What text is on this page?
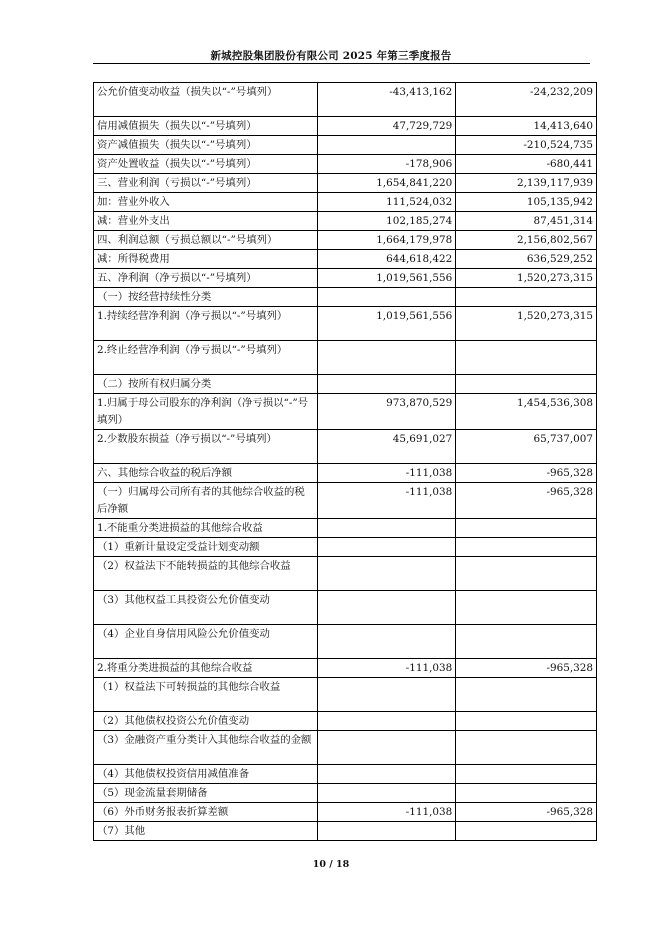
新城控股集团股份有限公司 2025 年第三季度报告
公允价值变动收益（损失以“-”号填列）	-43,413,162	-24,232,209
信用减值损失（损失以“-”号填列）	47,729,729	14,413,640
资产减值损失（损失以“-”号填列）		-210,524,735
资产处置收益（损失以“-”号填列）	-178,906	-680,441
三、营业利润（亏损以“-”号填列）	1,654,841,220	2,139,117,939
加：营业外收入	111,524,032	105,135,942
减：营业外支出	102,185,274	87,451,314
四、利润总额（亏损总额以“-”号填列）	1,664,179,978	2,156,802,567
减：所得税费用	644,618,422	636,529,252
五、净利润（净亏损以“-”号填列）	1,019,561,556	1,520,273,315
（一）按经营持续性分类		
1.持续经营净利润（净亏损以“-”号填列）	1,019,561,556	1,520,273,315
2.终止经营净利润（净亏损以“-”号填列）		
（二）按所有权归属分类		
1.归属于母公司股东的净利润（净亏损以“-”号填列）	973,870,529	1,454,536,308
2.少数股东损益（净亏损以“-”号填列）	45,691,027	65,737,007
六、其他综合收益的税后净额	-111,038	-965,328
（一）归属母公司所有者的其他综合收益的税后净额	-111,038	-965,328
1.不能重分类进损益的其他综合收益		
（1）重新计量设定受益计划变动额		
（2）权益法下不能转损益的其他综合收益		
（3）其他权益工具投资公允价值变动		
（4）企业自身信用风险公允价值变动		
2.将重分类进损益的其他综合收益	-111,038	-965,328
（1）权益法下可转损益的其他综合收益		
（2）其他债权投资公允价值变动		
（3）金融资产重分类计入其他综合收益的金额		
（4）其他债权投资信用减值准备		
（5）现金流量套期储备		
（6）外币财务报表折算差额	-111,038	-965,328
（7）其他		
10 / 18
